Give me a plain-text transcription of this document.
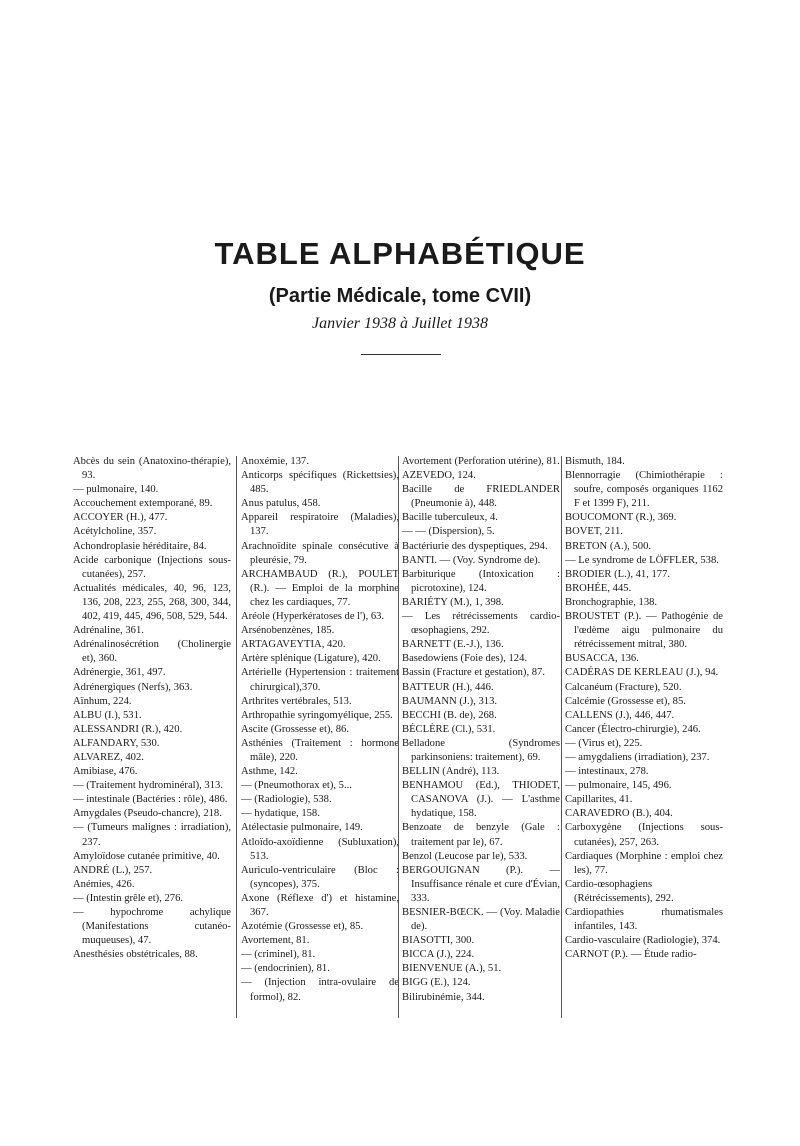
TABLE ALPHABÉTIQUE
(Partie Médicale, tome CVII)
Janvier 1938 à Juillet 1938

Abcès du sein (Anatoxino-thérapie), 93.

— pulmonaire, 140.

Accouchement extemporané, 89.

ACCOYER (H.), 477.

Acétylcholine, 357.

Achondroplasie héréditaire, 84.

Acide carbonique (Injections sous-cutanées), 257.

Actualités médicales, 40, 96, 123, 136, 208, 223, 255, 268, 300, 344, 402, 419, 445, 496, 508, 529, 544.

Adrénaline, 361.

Adrénalinosécrétion (Cholinergie et), 360.

Adrénergie, 361, 497.

Adrénergiques (Nerfs), 363.

Aïnhum, 224.

ALBU (I.), 531.

ALESSANDRI (R.), 420.

ALFANDARY, 530.

ALVAREZ, 402.

Amibiase, 476.

— (Traitement hydrominéral), 313.

— intestinale (Bactéries : rôle), 486.

Amygdales (Pseudo-chancre), 218.

— (Tumeurs malignes : irradiation), 237.

Amyloïdose cutanée primitive, 40.

ANDRÉ (L.), 257.

Anémies, 426.

— (Intestin grêle et), 276.

— hypochrome achylique (Manifestations cutanéo-muqueuses), 47.

Anesthésies obstétricales, 88.

Anoxémie, 137.

Anticorps spécifiques (Rickettsies), 485.

Anus patulus, 458.

Appareil respiratoire (Maladies), 137.

Arachnoïdite spinale consécutive à pleurésie, 79.

ARCHAMBAUD (R.), POULET (R.). — Emploi de la morphine chez les cardiaques, 77.

Aréole (Hyperkératoses de l'), 63.

Arsénobenzènes, 185.

ARTAGAVEYTIA, 420.

Artère splénique (Ligature), 420.

Artérielle (Hypertension : traitement chirurgical),370.

Arthrites vertébrales, 513.

Arthropathie syringomyélique, 255.

Ascite (Grossesse et), 86.

Asthénies (Traitement : hormone mâle), 220.

Asthme, 142.

— (Pneumothorax et), 5...

— (Radiologie), 538.

— hydatique, 158.

Atélectasie pulmonaire, 149.

Atloïdo-axoïdienne (Subluxation), 513.

Auriculo-ventriculaire (Bloc : (syncopes), 375.

Axone (Réflexe d') et histamine, 367.

Azotémie (Grossesse et), 85.

Avortement, 81.

— (criminel), 81.

— (endocrinien), 81.

— (Injection intra-ovulaire de formol), 82.

Avortement (Perforation utérine), 81.

AZEVEDO, 124.

Bacille de FRIEDLANDER (Pneumonie à), 448.

Bacille tuberculeux, 4.

— — (Dispersion), 5.

Bactériurie des dyspeptiques, 294.

BANTI. — (Voy. Syndrome de).

Barbiturique (Intoxication : picrotoxine), 124.

BARIÉTY (M.), 1, 398.

— Les rétrécissements cardio-œsophagiens, 292.

BARNETT (E.-J.), 136.

Basedowiens (Foie des), 124.

Bassin (Fracture et gestation), 87.

BATTEUR (H.), 446.

BAUMANN (J.), 313.

BECCHI (B. de), 268.

BÉCLÈRE (Cl.), 531.

Belladone (Syndromes parkinsoniens: traitement), 69.

BELLIN (André), 113.

BENHAMOU (Ed.), THIODET, CASANOVA (J.). — L'asthme hydatique, 158.

Benzoate de benzyle (Gale : traitement par le), 67.

Benzol (Leucose par le), 533.

BERGOUIGNAN (P.). — Insuffisance rénale et cure d'Évian, 333.

BESNIER-BŒCK. — (Voy. Maladie de).

BIASOTTI, 300.

BICCA (J.), 224.

BIENVENUE (A.), 51.

BIGG (E.), 124.

Bilirubinémie, 344.

Bismuth, 184.

Blennorragie (Chimiothérapie : soufre, composés organiques 1162 F et 1399 F), 211.

BOUCOMONT (R.), 369.

BOVET, 211.

BRETON (A.), 500.

— Le syndrome de LÖFFLER, 538.

BRODIER (L.), 41, 177.

BROHÉE, 445.

Bronchographie, 138.

BROUSTET (P.). — Pathogénie de l'œdème aigu pulmonaire du rétrécissement mitral, 380.

BUSACCA, 136.

CADÉRAS DE KERLEAU (J.), 94.

Calcanéum (Fracture), 520.

Calcémie (Grossesse et), 85.

CALLENS (J.), 446, 447.

Cancer (Électro-chirurgie), 246.

— (Virus et), 225.

— amygdaliens (irradiation), 237.

— intestinaux, 278.

— pulmonaire, 145, 496.

Capillarites, 41.

CARAVEDRO (B.), 404.

Carboxygène (Injections sous-cutanées), 257, 263.

Cardiaques (Morphine : emploi chez les), 77.

Cardio-œsophagiens (Rétrécissements), 292.

Cardiopathies rhumatismales infantiles, 143.

Cardio-vasculaire (Radiologie), 374.

CARNOT (P.). — Étude radio-
